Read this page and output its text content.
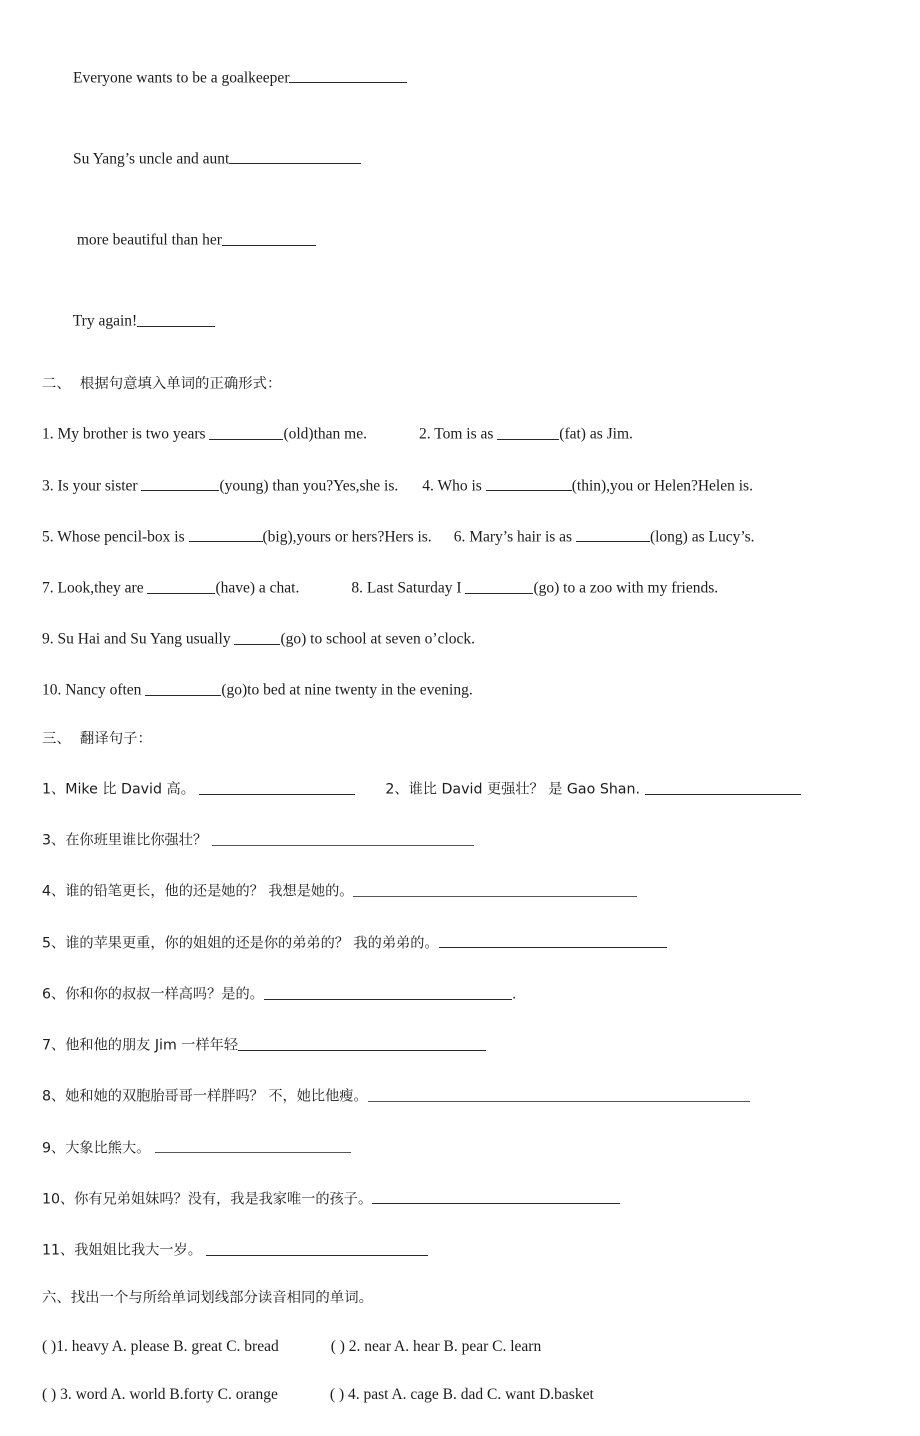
Everyone wants to be a goalkeeper

Su Yang’s uncle and aunt

more beautiful than her

Try again!

二、  根据句意填入单词的正确形式：
1. My brother is two years	(old)than me.	2. Tom is as	(fat) as Jim.
3. Is your sister	(young) than you?Yes,she is. 4. Who is	(thin),you or Helen?Helen is.
5. Whose pencil-box is	(big),yours or hers?Hers is. 6. Mary’s hair is as	(long) as Lucy’s.
7. Look,they are	(have) a chat.	8. Last Saturday I	(go) to a zoo with my friends.
9. Su Hai and Su Yang usually	(go) to school at seven o’clock.
10. Nancy often	(go)to bed at nine twenty in the evening.
三、  翻译句子：
1、Mike 比 David 高。	2、谁比 David 更强壮？ 是 Gao Shan.
3、在你班里谁比你强壮？
4、谁的铅笔更长，他的还是她的？ 我想是她的。
5、谁的苹果更重，你的姐姐的还是你的弟弟的？ 我的弟弟的。
6、你和你的叔叔一样高吗？是的。	.
7、他和他的朋友 Jim 一样年轻
8、她和她的双胞胎哥哥一样胖吗？ 不，她比他瘦。
9、大象比熊大。
10、你有兄弟姐妹吗？没有，我是我家唯一的孩子。
11、我姐姐比我大一岁。
六、找出一个与所给单词划线部分读音相同的单词。
( )1. heavy A. please B. great C. bread	( ) 2. near A. hear B. pear C. learn
( ) 3. word A. world B.forty C. orange	( ) 4. past A. cage B. dad C. want D.basket
